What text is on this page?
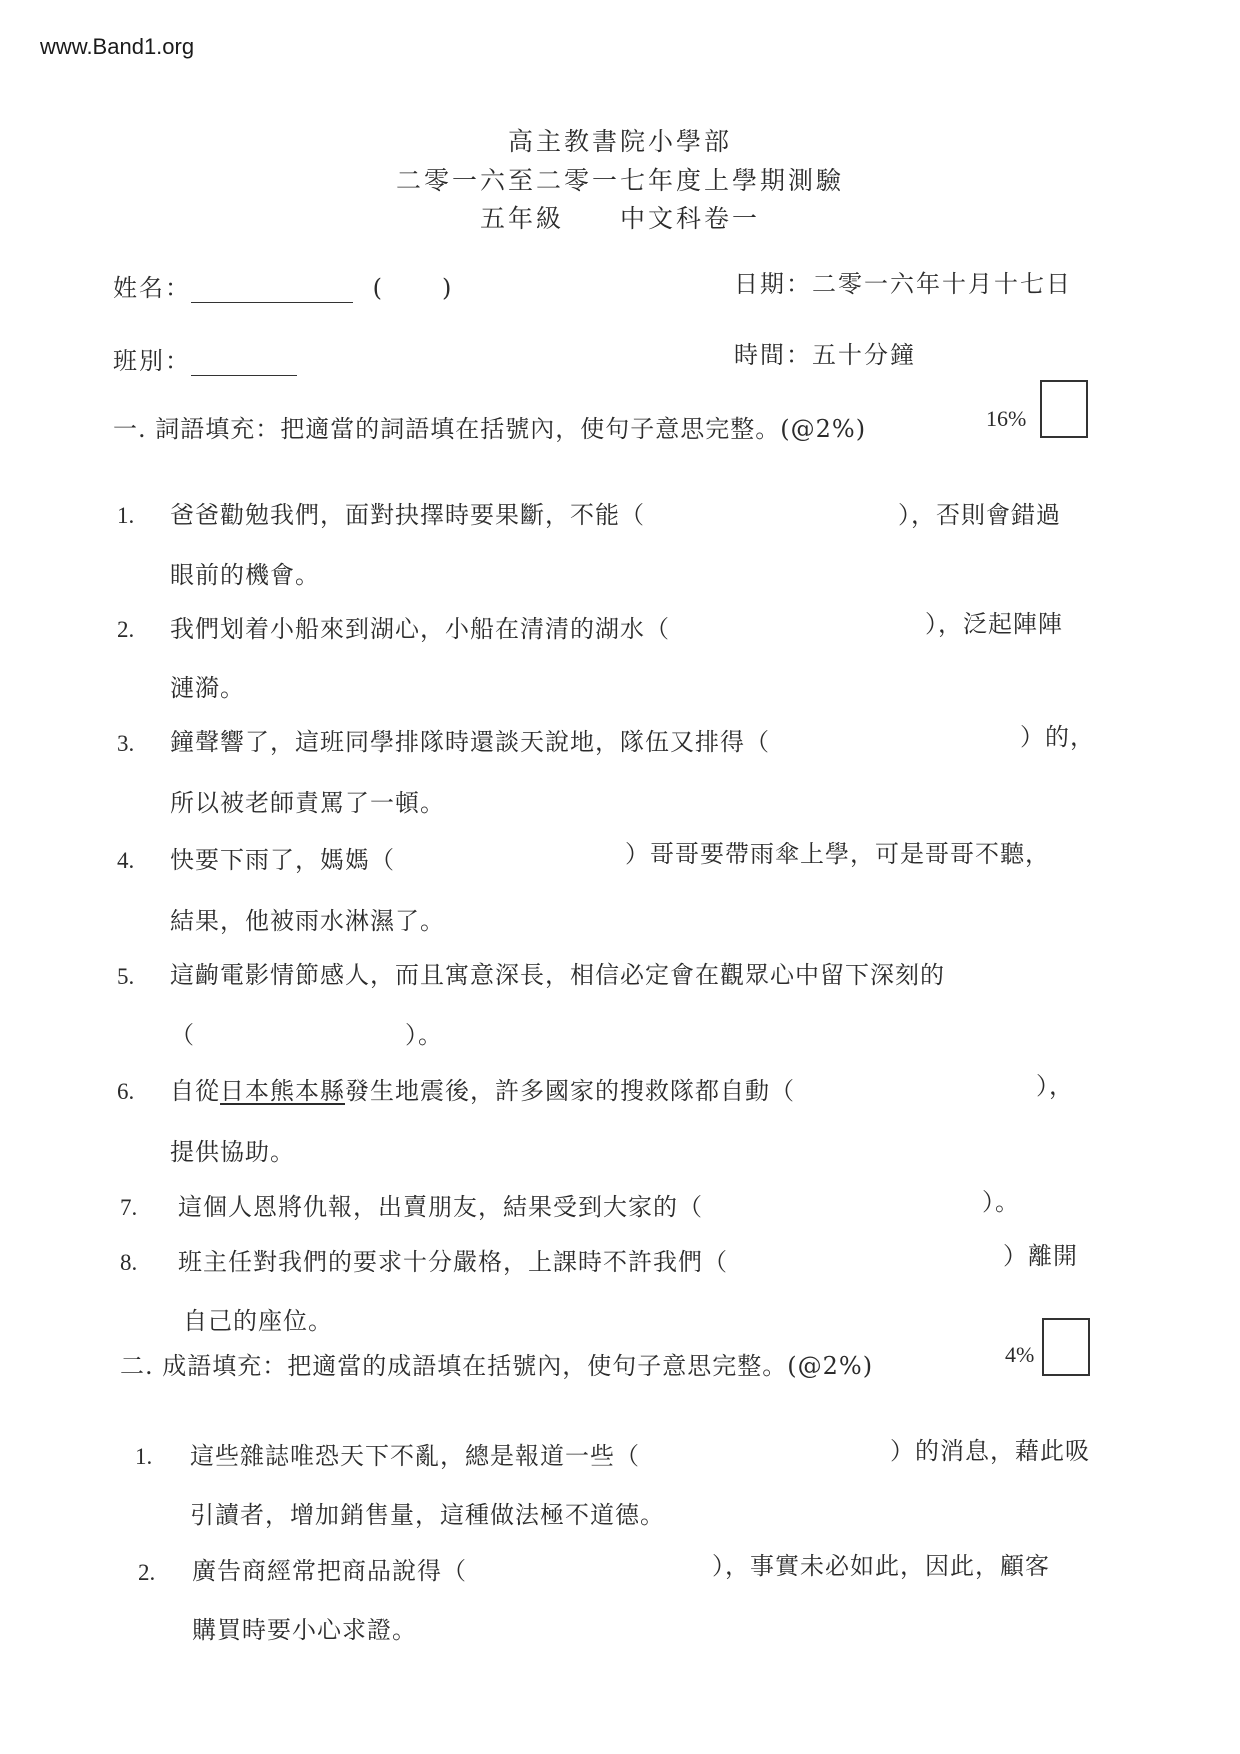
www.Band1.org
高主教書院小學部
二零一六至二零一七年度上學期測驗
五年級 中文科卷一
姓名：	( )
班別：
日期：二零一六年十月十七日
時間：五十分鐘
一. 詞語填充：把適當的詞語填在括號內，使句子意思完整。(@2%)	16%
1. 爸爸勸勉我們，面對抉擇時要果斷，不能（	），否則會錯過
眼前的機會。
2. 我們划着小船來到湖心，小船在清清的湖水（	），泛起陣陣
漣漪。
3. 鐘聲響了，這班同學排隊時還談天說地，隊伍又排得（	）的，
所以被老師責罵了一頓。
4. 快要下雨了，媽媽（	）哥哥要帶雨傘上學，可是哥哥不聽，
結果，他被雨水淋濕了。
5. 這齣電影情節感人，而且寓意深長，相信必定會在觀眾心中留下深刻的
（	）。
6. 自從日本熊本縣發生地震後，許多國家的搜救隊都自動（	），
提供協助。
7. 這個人恩將仇報，出賣朋友，結果受到大家的（	）。
8. 班主任對我們的要求十分嚴格，上課時不許我們（	）離開
自己的座位。
二. 成語填充：把適當的成語填在括號內，使句子意思完整。(@2%)	4%
1. 這些雜誌唯恐天下不亂，總是報道一些（	）的消息，藉此吸
引讀者，增加銷售量，這種做法極不道德。
2. 廣告商經常把商品說得（	），事實未必如此，因此，顧客
購買時要小心求證。
